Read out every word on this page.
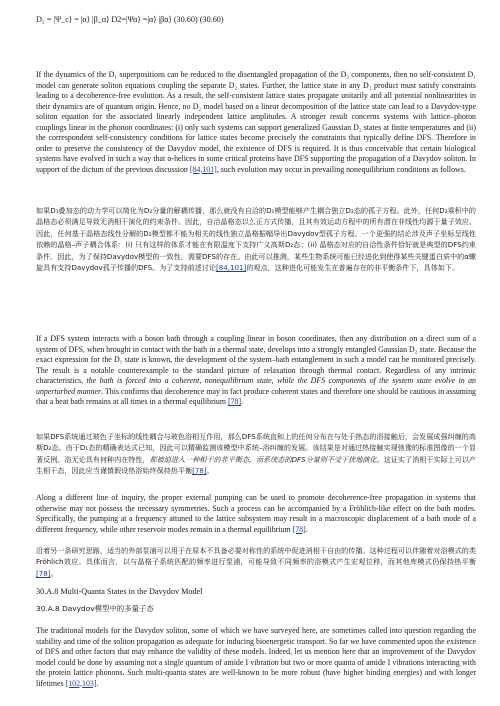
D₂ = |Ψ_c⟩ = |α⟩ |β_α⟩ D2=|Ψα⟩ =|α⟩ |βα⟩ (30.60) (30.60)

If the dynamics of the D₁ superpositions can be reduced to the disentangled propagation of the D₂ components, then no self-consistent D₁ model can generate soliton equations coupling the separate D₂ states. Further, the lattice state in any D₂ product must satisfy constraints leading to a decoherence-free evolution. As a result, the self-consistent lattice states propagate unitarily and all potential nonlinearities in their dynamics are of quantum origin. Hence, no D₂ model based on a linear decomposition of the lattice state can lead to a Davydov-type soliton equation for the associated linearly independent lattice amplitudes. A stronger result concerns systems with lattice–photon couplings linear in the phonon coordinates: (i) only such systems can support generalized Gaussian D₂ states at finite temperatures and (ii) the correspondent self-consistency conditions for lattice states become precisely the constraints that typically define DFS. Therefore in order to preserve the consistency of the Davydov model, the existence of DFS is required. It is thus conceivable that certain biological systems have evolved in such a way that α-helices in some critical proteins have DFS supporting the propagation of a Davydov soliton. In support of the dictum of the previous discussion [84,101], such evolution may occur in prevailing nonequilibrium conditions as follows.

如果D₁叠加态的动力学可以简化为D₂分量的解耦传播，那么就没有自洽的D₁模型能够产生耦合独立D₂态的孤子方程。此外，任何D₂乘积中的晶格态必须满足导致无消相干演化的约束条件。因此，自洽晶格态以么正方式传播，且其有效运动方程中的所有潜在非线性均源于量子效应。因此，任何基于晶格态线性分解的D₂模型都不能为相关的线性独立晶格振幅导出Davydov型孤子方程。一个更强的结论涉及声子坐标呈线性依赖的晶格–声子耦合体系：(i) 只有这样的体系才能在有限温度下支持广义高斯D₂态；(ii) 晶格态对应的自洽性条件恰好就是典型的DFS约束条件。因此，为了保持Davydov模型的一致性，需要DFS的存在。由此可以推测，某些生物系统可能已经进化到使得某些关键蛋白质中的α螺旋具有支持Davydov孤子传播的DFS。为了支持前述讨论[84,101]的观点，这种进化可能发生在普遍存在的非平衡条件下，具体如下。

If a DFS system interacts with a boson bath through a coupling linear in boson coordinates, then any distribution on a direct sum of a system of DFS, when brought in contact with the bath in a thermal state, develops into a strongly entangled Gaussian D₂ state. Because the exact expression for the D₁ state is known, the development of the system–bath entanglement in such a model can be monitored precisely. The result is a notable counterexample to the standard picture of relaxation through thermal contact. Regardless of any intrinsic characteristics, the bath is forced into a coherent, nonequilibrium state, while the DFS components of the system state evolve in an unperturbed manner. This confirms that decoherence may in fact produce coherent states and therefore one should be cautious in assuming that a heat bath remains at all times in a thermal equilibrium [78].

如果DFS系统通过玻色子坐标的线性耦合与玻色浴相互作用，那么DFS系统直和上的任何分布在与处于热态的浴接触后，会发展成强纠缠的高斯D₂态。由于D₁态的精确表达式已知，因此可以精确监测该模型中系统–浴纠缠的发展。该结果是对通过热接触实现弛豫的标准图像的一个显著反例。浴无论具有何种内在特性，都被迫进入一种相干的非平衡态，而系统态的DFS分量则不受干扰地演化。这证实了消相干实际上可以产生相干态，因此应当谨慎假设热浴始终保持热平衡[78]。

Along a different line of inquiry, the proper external pumping can be used to promote decoherence-free propagation in systems that otherwise may not possess the necessary symmetries. Such a process can be accompanied by a Fröhlich-like effect on the bath modes. Specifically, the pumping at a frequency attuned to the lattice subsystem may result in a macroscopic displacement of a bath mode of a different frequency, while other reservoir modes remain in a thermal equilibrium [78].

沿着另一条研究思路，适当的外部泵浦可以用于在原本不具备必要对称性的系统中促进消相干自由的传播。这种过程可以伴随着对浴模式的类Fröhlich效应。具体而言，以与晶格子系统匹配的频率进行泵浦，可能导致不同频率的浴模式产生宏观位移，而其他库模式仍保持热平衡[78]。

30.A.8 Multi-Quanta States in the Davydov Model
30.A.8 Davydov模型中的多量子态

The traditional models for the Davydov soliton, some of which we have surveyed here, are sometimes called into question regarding the stability and time of the soliton propagation as adequate for inducing bioenergetic transport. So far we have commented upon the existence of DFS and other factors that may enhance the validity of these models. Indeed, let us mention here that an improvement of the Davydov model could be done by assuming not a single quantum of amide I vibration but two or more quanta of amide I vibrations interacting with the protein lattice phonons. Such multi-quanta states are well-known to be more robust (have higher binding energies) and with longer lifetimes [102,103].
